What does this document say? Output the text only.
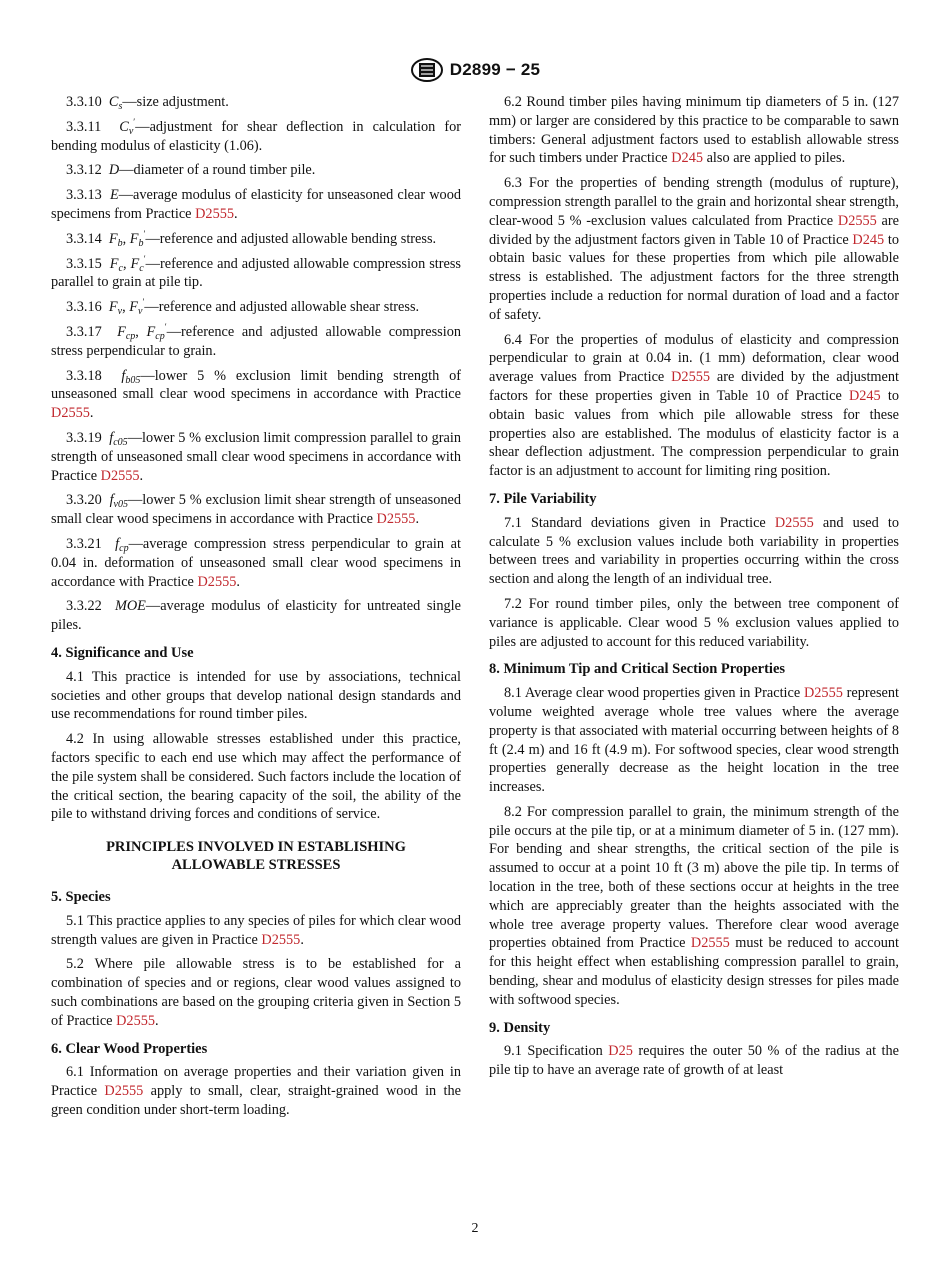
D2899 − 25

3.3.10 $C_s—size$ adjustment.

3.3.11 $C_v'—adjustment$ for shear deflection in calculation for bending modulus of elasticity (1.06).

3.3.12 D—diameter of a round timber pile.

3.3.13 E—average modulus of elasticity for unseasoned clear wood specimens from Practice D2555.

3.3.14 $F_b$, $F_b'—reference$ and adjusted allowable bending stress.

3.3.15 $F_c$, $F_c'—reference$ and adjusted allowable compression stress parallel to grain at pile tip.

3.3.16 $F_v$, $F_v'—reference$ and adjusted allowable shear stress.

3.3.17 $F_{cp}$, $F_{cp}'—reference$ and adjusted allowable compression stress perpendicular to grain.

3.3.18 $f_{b05}—lower$ 5 % exclusion limit bending strength of unseasoned small clear wood specimens in accordance with Practice D2555.

3.3.19 $f_{c05}—lower$ 5 % exclusion limit compression parallel to grain strength of unseasoned small clear wood specimens in accordance with Practice D2555.

3.3.20 $f_{v05}—lower$ 5 % exclusion limit shear strength of unseasoned small clear wood specimens in accordance with Practice D2555.

3.3.21 $f_{cp}—average$ compression stress perpendicular to grain at 0.04 in. deformation of unseasoned small clear wood specimens in accordance with Practice D2555.

3.3.22 MOE—average modulus of elasticity for untreated single piles.

4. Significance and Use

4.1 This practice is intended for use by associations, technical societies and other groups that develop national design standards and use recommendations for round timber piles.

4.2 In using allowable stresses established under this practice, factors specific to each end use which may affect the performance of the pile system shall be considered. Such factors include the location of the critical section, the bearing capacity of the soil, the ability of the pile to withstand driving forces and conditions of service.

PRINCIPLES INVOLVED IN ESTABLISHING
ALLOWABLE STRESSES
5. Species

5.1 This practice applies to any species of piles for which clear wood strength values are given in Practice D2555.

5.2 Where pile allowable stress is to be established for a combination of species and or regions, clear wood values assigned to such combinations are based on the grouping criteria given in Section 5 of Practice D2555.

6. Clear Wood Properties

6.1 Information on average properties and their variation given in Practice D2555 apply to small, clear, straight-grained wood in the green condition under short-term loading.

6.2 Round timber piles having minimum tip diameters of 5 in. (127 mm) or larger are considered by this practice to be comparable to sawn timbers: General adjustment factors used to establish allowable stress for such timbers under Practice D245 also are applied to piles.

6.3 For the properties of bending strength (modulus of rupture), compression strength parallel to the grain and horizontal shear strength, clear-wood 5 % -exclusion values calculated from Practice D2555 are divided by the adjustment factors given in Table 10 of Practice D245 to obtain basic values for these properties from which pile allowable stress is established. The adjustment factors for the three strength properties include a reduction for normal duration of load and a factor of safety.

6.4 For the properties of modulus of elasticity and compression perpendicular to grain at 0.04 in. (1 mm) deformation, clear wood average values from Practice D2555 are divided by the adjustment factors for these properties given in Table 10 of Practice D245 to obtain basic values from which pile allowable stress for these properties also are established. The modulus of elasticity factor is a shear deflection adjustment. The compression perpendicular to grain factor is an adjustment to account for limiting ring position.

7. Pile Variability

7.1 Standard deviations given in Practice D2555 and used to calculate 5 % exclusion values include both variability in properties between trees and variability in properties occurring within the cross section and along the length of an individual tree.

7.2 For round timber piles, only the between tree component of variance is applicable. Clear wood 5 % exclusion values applied to piles are adjusted to account for this reduced variability.

8. Minimum Tip and Critical Section Properties

8.1 Average clear wood properties given in Practice D2555 represent volume weighted average whole tree values where the average property is that associated with material occurring between heights of 8 ft (2.4 m) and 16 ft (4.9 m). For softwood species, clear wood strength properties generally decrease as the height location in the tree increases.

8.2 For compression parallel to grain, the minimum strength of the pile occurs at the pile tip, or at a minimum diameter of 5 in. (127 mm). For bending and shear strengths, the critical section of the pile is assumed to occur at a point 10 ft (3 m) above the pile tip. In terms of location in the tree, both of these sections occur at heights in the tree which are appreciably greater than the heights associated with the whole tree average property values. Therefore clear wood average properties obtained from Practice D2555 must be reduced to account for this height effect when establishing compression parallel to grain, bending, shear and modulus of elasticity design stresses for piles made with softwood species.

9. Density

9.1 Specification D25 requires the outer 50 % of the radius at the pile tip to have an average rate of growth of at least

2
